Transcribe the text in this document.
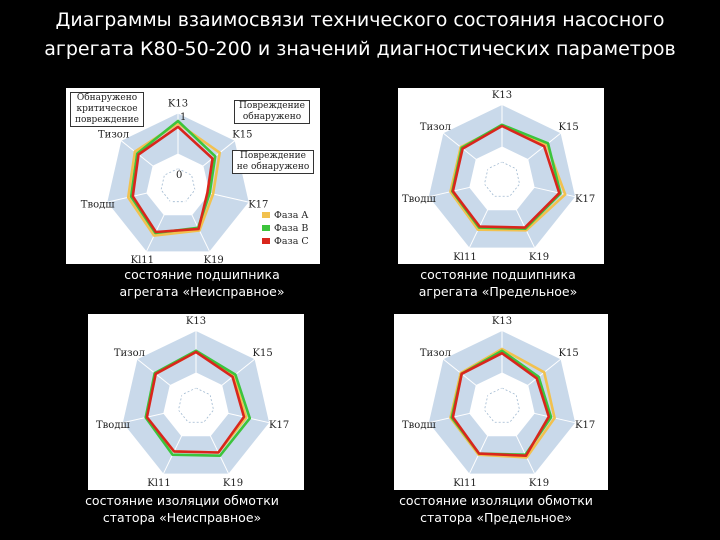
Диаграммы взаимосвязи технического состояния насосного
агрегата К80-50-200 и значений диагностических параметров
K13
K15
K17
K19
Kl11
Tводш
Tизол
Фаза A
Фаза B
Фаза C
1
0
Обнаружено критическое повреждение
Повреждение обнаружено
Повреждение не обнаружено
состояние подшипника
агрегата «Неисправное»
K13
K15
K17
K19
Kl11
Tводш
Tизол
состояние подшипника
агрегата «Предельное»
K13
K15
K17
K19
Kl11
Tводш
Tизол
состояние изоляции обмотки
статора «Неисправное»
K13
K15
K17
K19
Kl11
Tводш
Tизол
состояние изоляции обмотки
статора «Предельное»
